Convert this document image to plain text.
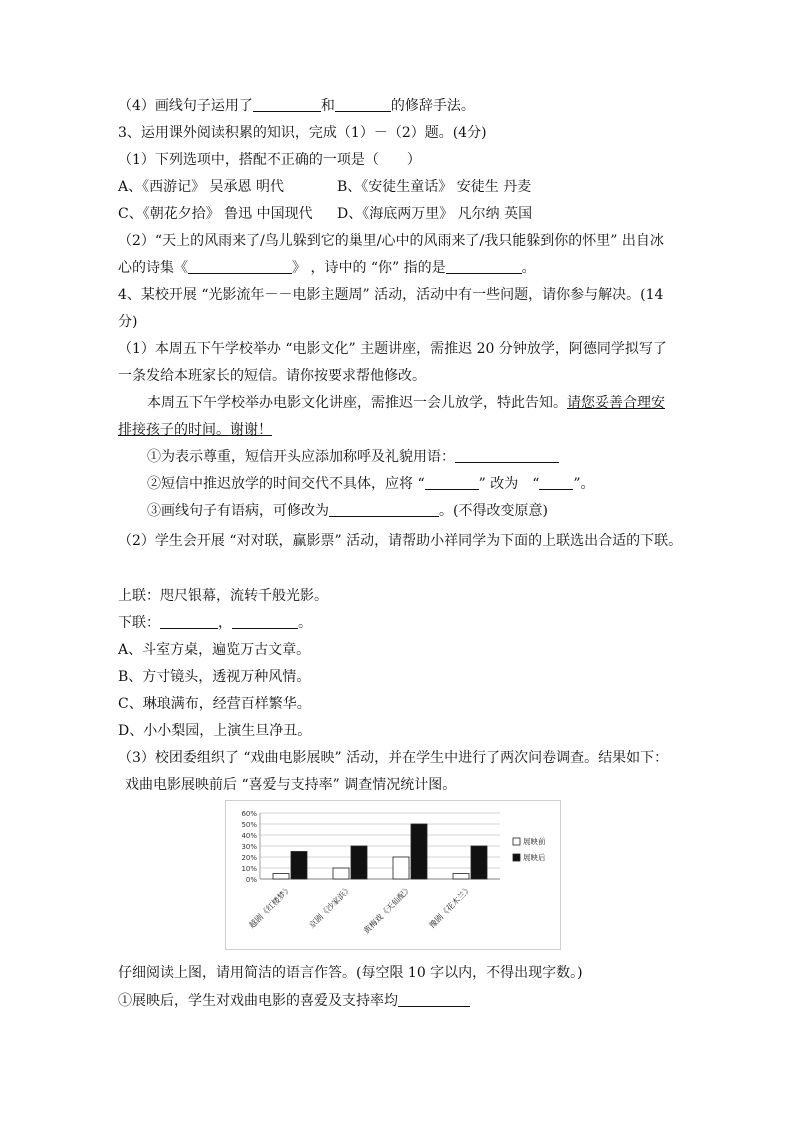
（4）画线句子运用了	和	的修辞手法。
3、运用课外阅读积累的知识，完成（1）－（2）题。(4分)
（1）下列选项中，搭配不正确的一项是（　　）
A、《西游记》 吴承恩 明代	B、《安徒生童话》 安徒生 丹麦
C、《朝花夕拾》 鲁迅 中国现代 D、《海底两万里》 凡尔纳 英国
（2）“天上的风雨来了/鸟儿躲到它的巢里/心中的风雨来了/我只能躲到你的怀里” 出自冰
心的诗集《	》 ，诗中的 “你” 指的是	。
4、某校开展 “光影流年－－电影主题周” 活动，活动中有一些问题，请你参与解决。(14
分)
（1）本周五下午学校举办 “电影文化” 主题讲座，需推迟 20 分钟放学，阿德同学拟写了
一条发给本班家长的短信。请你按要求帮他修改。
本周五下午学校举办电影文化讲座，需推迟一会儿放学，特此告知。请您妥善合理安
排接孩子的时间。谢谢！
①为表示尊重，短信开头应添加称呼及礼貌用语：
②短信中推迟放学的时间交代不具体，应将 “	” 改为　“ ”。
③画线句子有语病，可修改为	。(不得改变原意)
（2）学生会开展 “对对联，赢影票” 活动，请帮助小祥同学为下面的上联选出合适的下联。
上联：咫尺银幕，流转千般光影。
下联：	，	。
A、斗室方桌，遍览万古文章。
B、方寸镜头，透视万种风情。
C、琳琅满布，经营百样繁华。
D、小小梨园，上演生旦净丑。
（3）校团委组织了 “戏曲电影展映” 活动，并在学生中进行了两次问卷调查。结果如下：
戏曲电影展映前后 “喜爱与支持率” 调查情况统计图。
0%
10%
20%
30%
40%
50%
60%
越剧《红楼梦》 京剧《沙家浜》 黄梅戏《天仙配》 豫剧《花木兰》
展映前
展映后
仔细阅读上图，请用简洁的语言作答。(每空限 10 字以内，不得出现字数。)
①展映后，学生对戏曲电影的喜爱及支持率均
